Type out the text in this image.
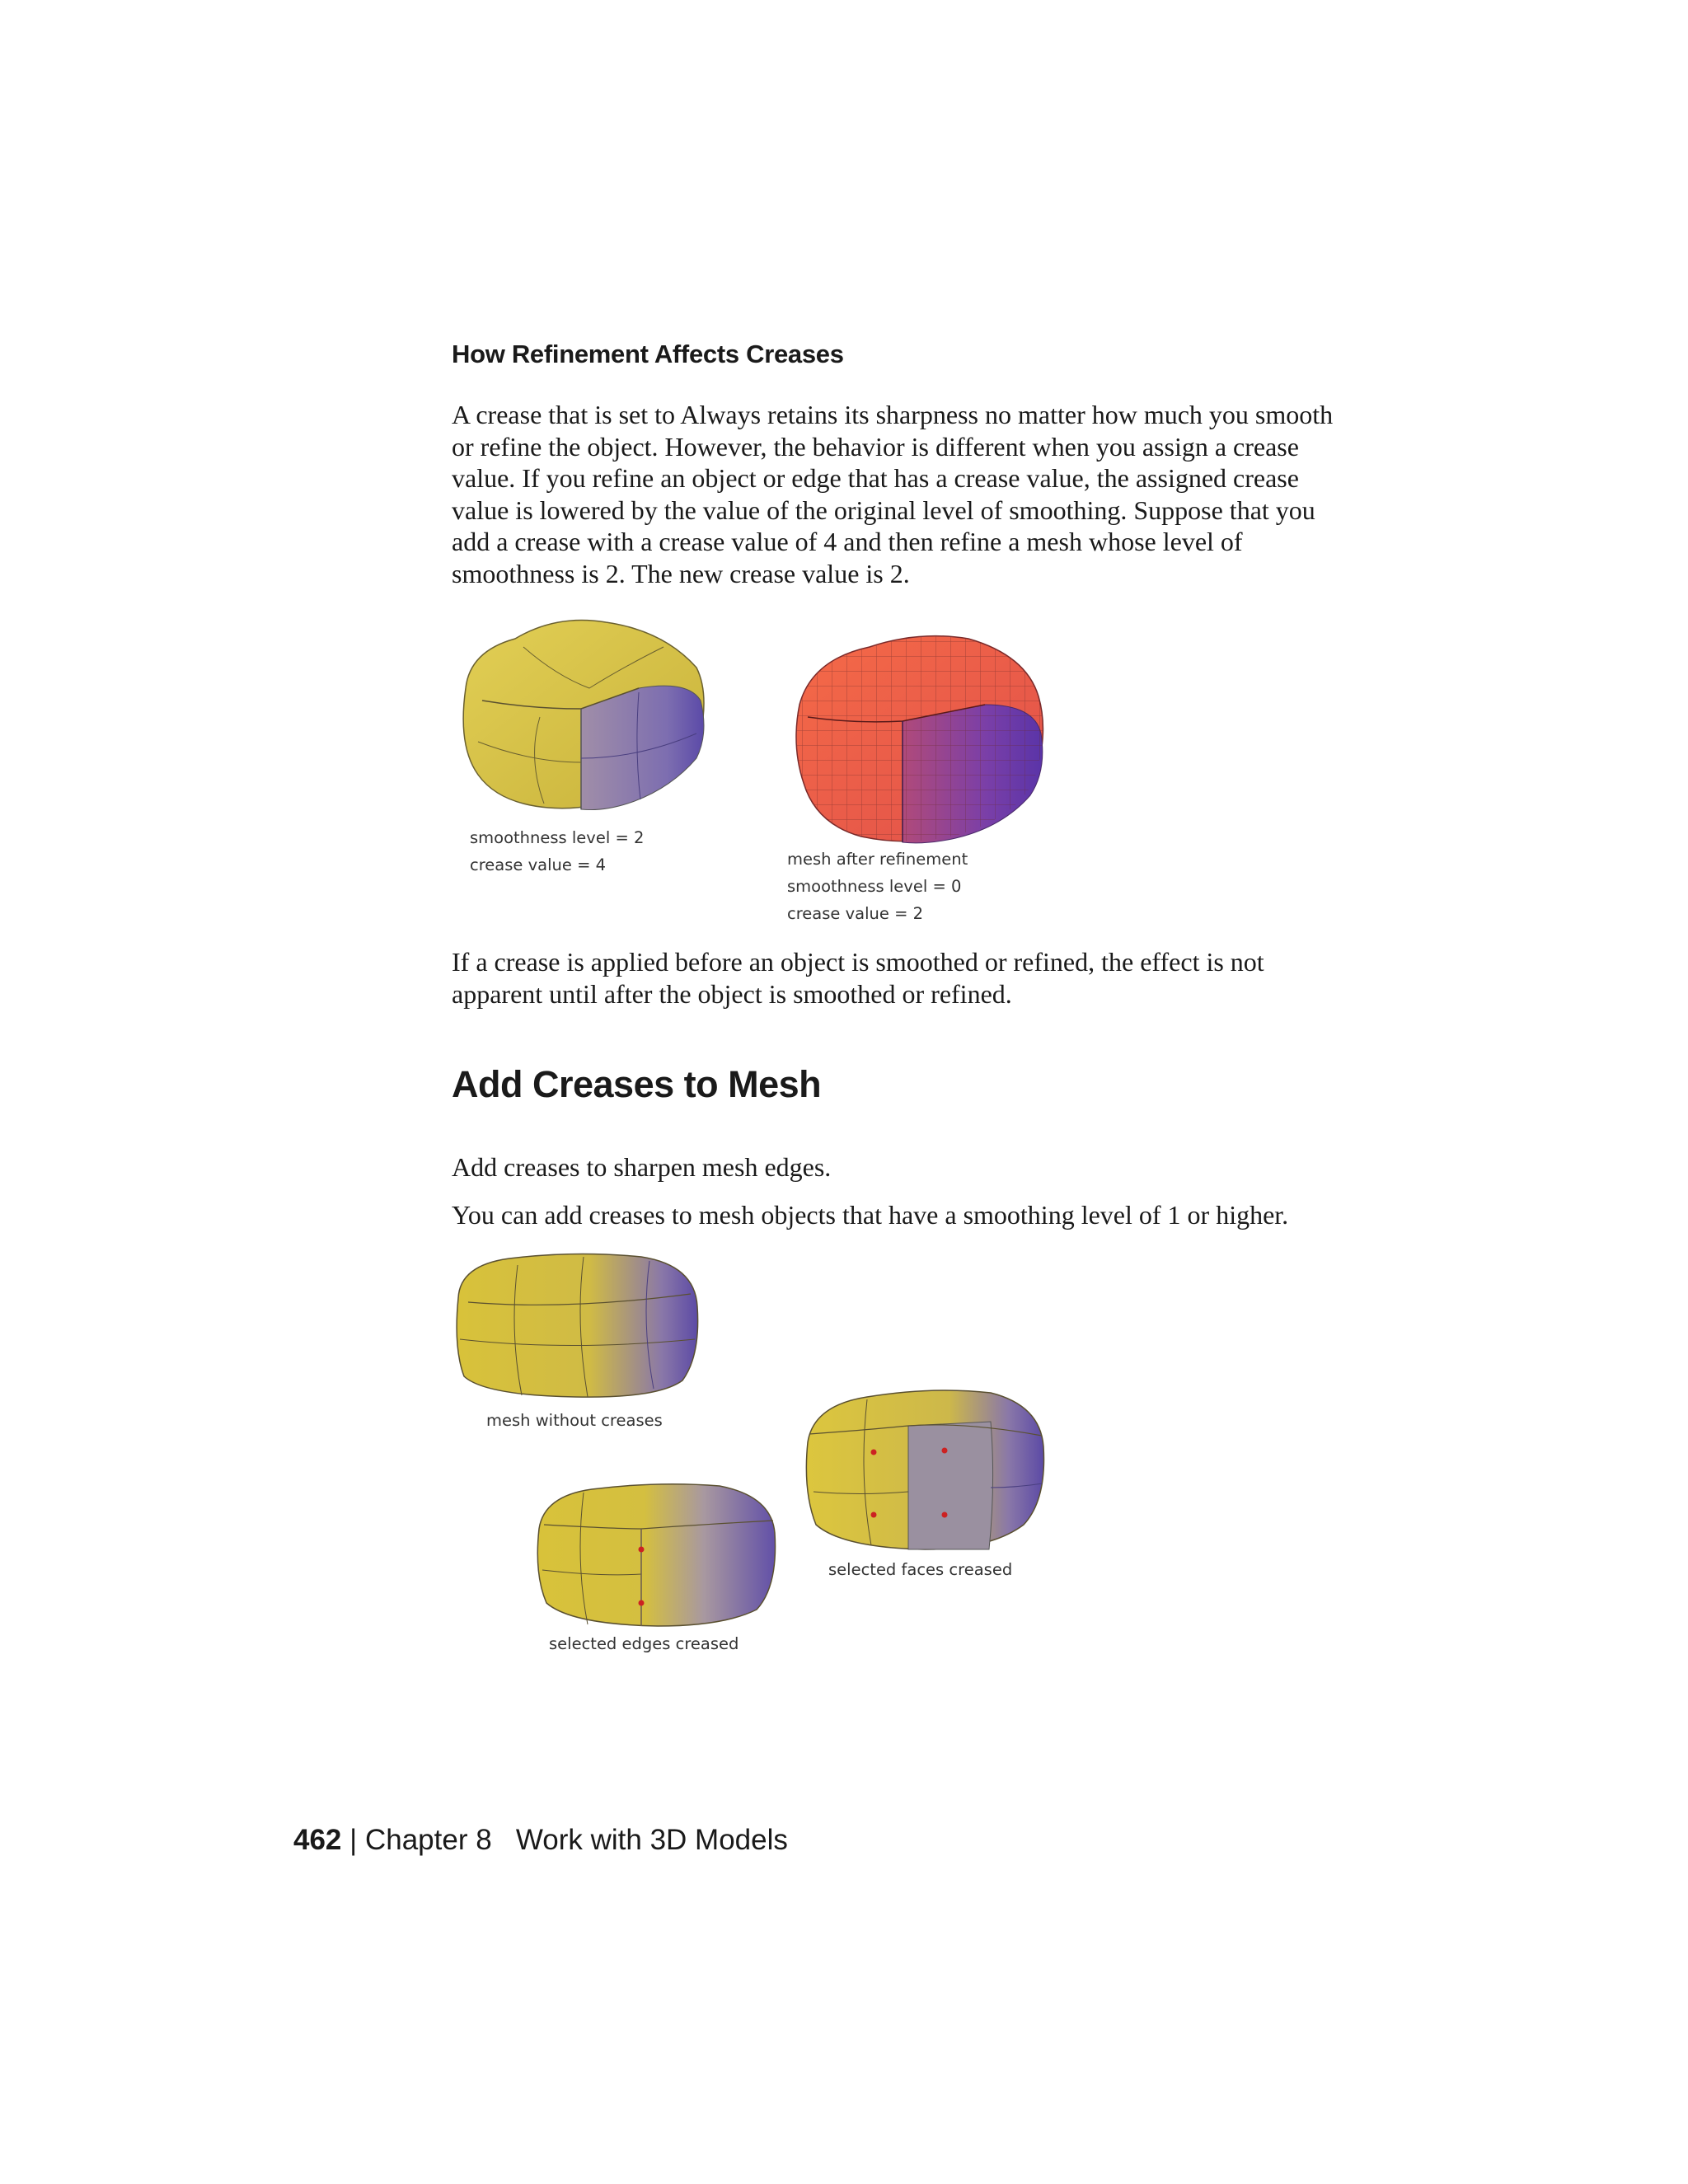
How Refinement Affects Creases

A crease that is set to Always retains its sharpness no matter how much you smooth or refine the object. However, the behavior is different when you assign a crease value. If you refine an object or edge that has a crease value, the assigned crease value is lowered by the value of the original level of smoothing. Suppose that you add a crease with a crease value of 4 and then refine a mesh whose level of smoothness is 2. The new crease value is 2.

smoothness level = 2
crease value = 4	mesh after refinement
smoothness level = 0
crease value = 2

If a crease is applied before an object is smoothed or refined, the effect is not apparent until after the object is smoothed or refined.

Add Creases to Mesh

Add creases to sharpen mesh edges.

You can add creases to mesh objects that have a smoothing level of 1 or higher.

mesh without creases
selected faces creased
selected edges creased
462 | Chapter 8 Work with 3D Models
